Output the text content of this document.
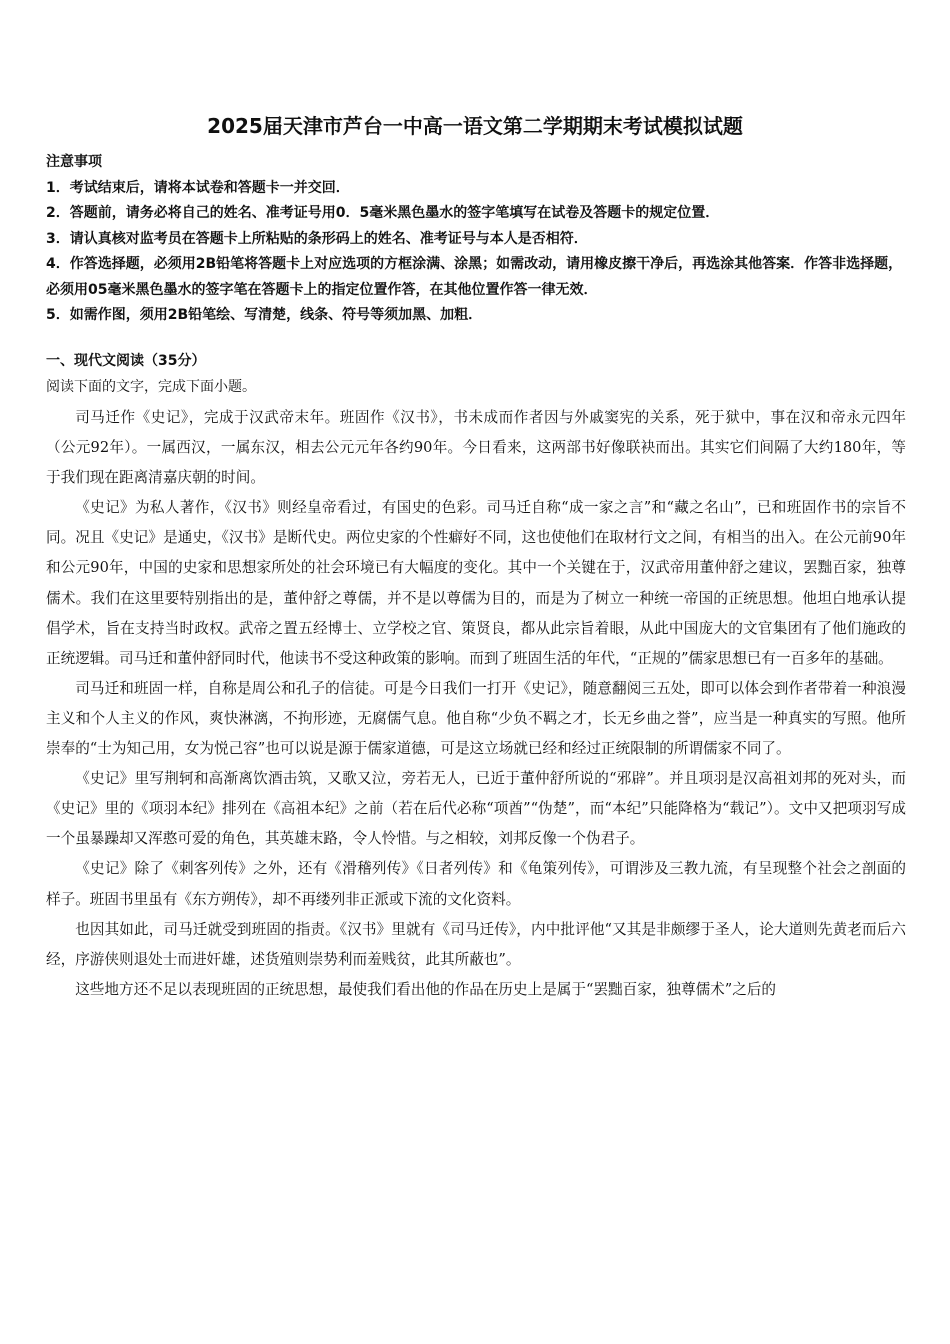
2025届天津市芦台一中高一语文第二学期期末考试模拟试题
注意事项
1．考试结束后，请将本试卷和答题卡一并交回．
2．答题前，请务必将自己的姓名、准考证号用0．5毫米黑色墨水的签字笔填写在试卷及答题卡的规定位置．
3．请认真核对监考员在答题卡上所粘贴的条形码上的姓名、准考证号与本人是否相符．
4．作答选择题，必须用2B铅笔将答题卡上对应选项的方框涂满、涂黑；如需改动，请用橡皮擦干净后，再选涂其他答案．作答非选择题，必须用05毫米黑色墨水的签字笔在答题卡上的指定位置作答，在其他位置作答一律无效．
5．如需作图，须用2B铅笔绘、写清楚，线条、符号等须加黑、加粗．
一、现代文阅读（35分）
阅读下面的文字，完成下面小题。

司马迁作《史记》，完成于汉武帝末年。班固作《汉书》，书未成而作者因与外戚窦宪的关系，死于狱中，事在汉和帝永元四年（公元92年）。一属西汉，一属东汉，相去公元元年各约90年。今日看来，这两部书好像联袂而出。其实它们间隔了大约180年，等于我们现在距离清嘉庆朝的时间。

《史记》为私人著作，《汉书》则经皇帝看过，有国史的色彩。司马迁自称“成一家之言”和“藏之名山”，已和班固作书的宗旨不同。况且《史记》是通史，《汉书》是断代史。两位史家的个性癖好不同，这也使他们在取材行文之间，有相当的出入。在公元前90年和公元90年，中国的史家和思想家所处的社会环境已有大幅度的变化。其中一个关键在于，汉武帝用董仲舒之建议，罢黜百家，独尊儒术。我们在这里要特别指出的是，董仲舒之尊儒，并不是以尊儒为目的，而是为了树立一种统一帝国的正统思想。他坦白地承认提倡学术，旨在支持当时政权。武帝之置五经博士、立学校之官、策贤良，都从此宗旨着眼，从此中国庞大的文官集团有了他们施政的正统逻辑。司马迁和董仲舒同时代，他读书不受这种政策的影响。而到了班固生活的年代，“正规的”儒家思想已有一百多年的基础。

司马迁和班固一样，自称是周公和孔子的信徒。可是今日我们一打开《史记》，随意翻阅三五处，即可以体会到作者带着一种浪漫主义和个人主义的作风，爽快淋漓，不拘形迹，无腐儒气息。他自称“少负不羁之才，长无乡曲之誉”，应当是一种真实的写照。他所崇奉的“士为知己用，女为悦己容”也可以说是源于儒家道德，可是这立场就已经和经过正统限制的所谓儒家不同了。

《史记》里写荆轲和高渐离饮酒击筑，又歌又泣，旁若无人，已近于董仲舒所说的“邪辟”。并且项羽是汉高祖刘邦的死对头，而《史记》里的《项羽本纪》排列在《高祖本纪》之前（若在后代必称“项酋”“伪楚”，而“本纪”只能降格为“载记”）。文中又把项羽写成一个虽暴躁却又浑憨可爱的角色，其英雄末路，令人怜惜。与之相较，刘邦反像一个伪君子。

《史记》除了《刺客列传》之外，还有《滑稽列传》《日者列传》和《龟策列传》，可谓涉及三教九流，有呈现整个社会之剖面的样子。班固书里虽有《东方朔传》，却不再缕列非正派或下流的文化资料。

也因其如此，司马迁就受到班固的指责。《汉书》里就有《司马迁传》，内中批评他“又其是非颇缪于圣人，论大道则先黄老而后六经，序游侠则退处士而进奸雄，述货殖则崇势利而羞贱贫，此其所蔽也”。

这些地方还不足以表现班固的正统思想，最使我们看出他的作品在历史上是属于“罢黜百家，独尊儒术”之后的
